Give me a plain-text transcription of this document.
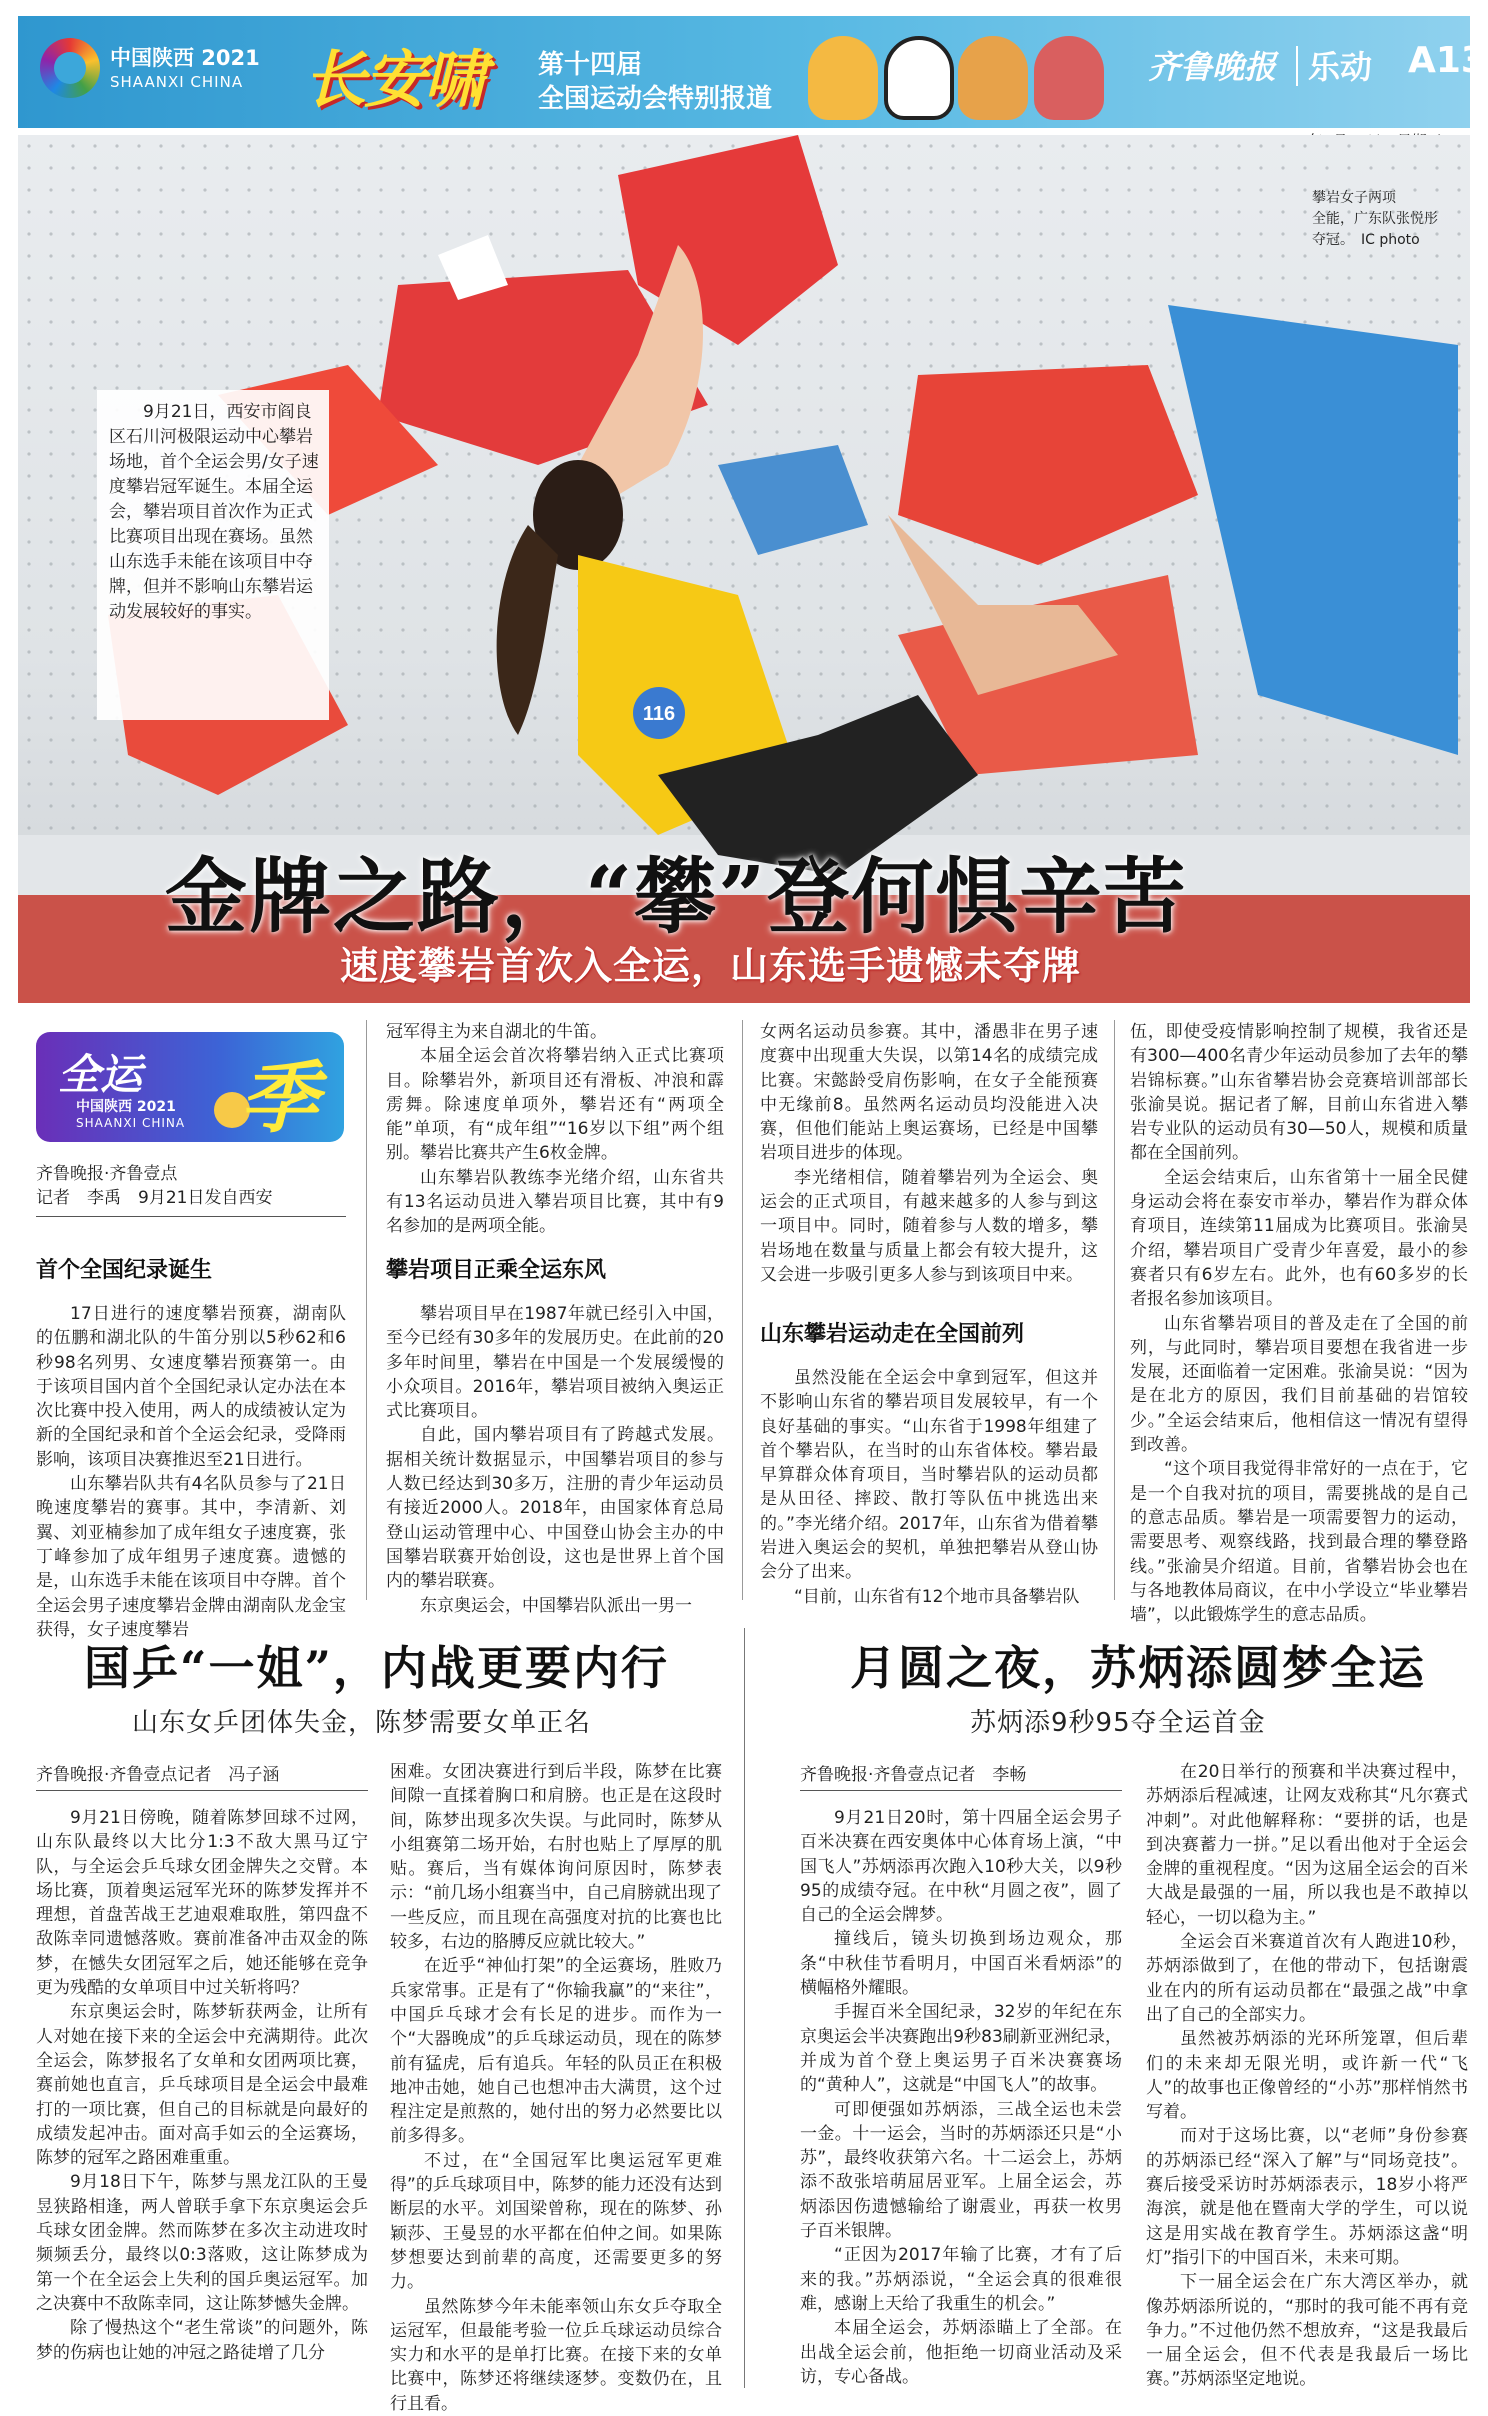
中国陕西 2021
SHAANXI CHINA 长安啸 第十四届
全国运动会特别报道
齐鲁晚报 乐动 A13
116
　　9月21日，西安市阎良区石川河极限运动中心攀岩场地，首个全运会男/女子速度攀岩冠军诞生。本届全运会，攀岩项目首次作为正式比赛项目出现在赛场。虽然山东选手未能在该项目中夺牌，但并不影响山东攀岩运动发展较好的事实。
攀岩女子两项
全能，广东队张悦彤
夺冠。　IC photo
金牌之路，“攀”登何惧辛苦
速度攀岩首次入全运，山东选手遗憾未夺牌
全运 季
中国陕西 2021
SHAANXI CHINA
齐鲁晚报·齐鲁壹点
记者　李禹　9月21日发自西安
首个全国纪录诞生

17日进行的速度攀岩预赛，湖南队的伍鹏和湖北队的牛笛分别以5秒62和6秒98名列男、女速度攀岩预赛第一。由于该项目国内首个全国纪录认定办法在本次比赛中投入使用，两人的成绩被认定为新的全国纪录和首个全运会纪录，受降雨影响，该项目决赛推迟至21日进行。

山东攀岩队共有4名队员参与了21日晚速度攀岩的赛事。其中，李清新、刘翼、刘亚楠参加了成年组女子速度赛，张丁峰参加了成年组男子速度赛。遗憾的是，山东选手未能在该项目中夺牌。首个全运会男子速度攀岩金牌由湖南队龙金宝获得，女子速度攀岩

冠军得主为来自湖北的牛笛。

本届全运会首次将攀岩纳入正式比赛项目。除攀岩外，新项目还有滑板、冲浪和霹雳舞。除速度单项外，攀岩还有“两项全能”单项，有“成年组”“16岁以下组”两个组别。攀岩比赛共产生6枚金牌。

山东攀岩队教练李光绪介绍，山东省共有13名运动员进入攀岩项目比赛，其中有9名参加的是两项全能。

攀岩项目正乘全运东风

攀岩项目早在1987年就已经引入中国，至今已经有30多年的发展历史。在此前的20多年时间里，攀岩在中国是一个发展缓慢的小众项目。2016年，攀岩项目被纳入奥运正式比赛项目。

自此，国内攀岩项目有了跨越式发展。据相关统计数据显示，中国攀岩项目的参与人数已经达到30多万，注册的青少年运动员有接近2000人。2018年，由国家体育总局登山运动管理中心、中国登山协会主办的中国攀岩联赛开始创设，这也是世界上首个国内的攀岩联赛。

东京奥运会，中国攀岩队派出一男一

女两名运动员参赛。其中，潘愚非在男子速度赛中出现重大失误，以第14名的成绩完成比赛。宋懿龄受肩伤影响，在女子全能预赛中无缘前8。虽然两名运动员均没能进入决赛，但他们能站上奥运赛场，已经是中国攀岩项目进步的体现。

李光绪相信，随着攀岩列为全运会、奥运会的正式项目，有越来越多的人参与到这一项目中。同时，随着参与人数的增多，攀岩场地在数量与质量上都会有较大提升，这又会进一步吸引更多人参与到该项目中来。

山东攀岩运动走在全国前列

虽然没能在全运会中拿到冠军，但这并不影响山东省的攀岩项目发展较早，有一个良好基础的事实。“山东省于1998年组建了首个攀岩队，在当时的山东省体校。攀岩最早算群众体育项目，当时攀岩队的运动员都是从田径、摔跤、散打等队伍中挑选出来的。”李光绪介绍。2017年，山东省为借着攀岩进入奥运会的契机，单独把攀岩从登山协会分了出来。

“目前，山东省有12个地市具备攀岩队

伍，即使受疫情影响控制了规模，我省还是有300—400名青少年运动员参加了去年的攀岩锦标赛。”山东省攀岩协会竞赛培训部部长张渝昊说。据记者了解，目前山东省进入攀岩专业队的运动员有30—50人，规模和质量都在全国前列。

全运会结束后，山东省第十一届全民健身运动会将在泰安市举办，攀岩作为群众体育项目，连续第11届成为比赛项目。张渝昊介绍，攀岩项目广受青少年喜爱，最小的参赛者只有6岁左右。此外，也有60多岁的长者报名参加该项目。

山东省攀岩项目的普及走在了全国的前列，与此同时，攀岩项目要想在我省进一步发展，还面临着一定困难。张渝昊说：“因为是在北方的原因，我们目前基础的岩馆较少。”全运会结束后，他相信这一情况有望得到改善。

“这个项目我觉得非常好的一点在于，它是一个自我对抗的项目，需要挑战的是自己的意志品质。攀岩是一项需要智力的运动，需要思考、观察线路，找到最合理的攀登路线。”张渝昊介绍道。目前，省攀岩协会也在与各地教体局商议，在中小学设立“毕业攀岩墙”，以此锻炼学生的意志品质。

国乒“一姐”，内战更要内行
山东女乒团体失金，陈梦需要女单正名
齐鲁晚报·齐鲁壹点记者　冯子涵

9月21日傍晚，随着陈梦回球不过网，山东队最终以大比分1:3不敌大黑马辽宁队，与全运会乒乓球女团金牌失之交臂。本场比赛，顶着奥运冠军光环的陈梦发挥并不理想，首盘苦战王艺迪艰难取胜，第四盘不敌陈幸同遗憾落败。赛前准备冲击双金的陈梦，在憾失女团冠军之后，她还能够在竞争更为残酷的女单项目中过关斩将吗？

东京奥运会时，陈梦斩获两金，让所有人对她在接下来的全运会中充满期待。此次全运会，陈梦报名了女单和女团两项比赛，赛前她也直言，乒乓球项目是全运会中最难打的一项比赛，但自己的目标就是向最好的成绩发起冲击。面对高手如云的全运赛场，陈梦的冠军之路困难重重。

9月18日下午，陈梦与黑龙江队的王曼昱狭路相逢，两人曾联手拿下东京奥运会乒乓球女团金牌。然而陈梦在多次主动进攻时频频丢分，最终以0:3落败，这让陈梦成为第一个在全运会上失利的国乒奥运冠军。加之决赛中不敌陈幸同，这让陈梦憾失金牌。

除了慢热这个“老生常谈”的问题外，陈梦的伤病也让她的冲冠之路徒增了几分

困难。女团决赛进行到后半段，陈梦在比赛间隙一直揉着胸口和肩膀。也正是在这段时间，陈梦出现多次失误。与此同时，陈梦从小组赛第二场开始，右肘也贴上了厚厚的肌贴。赛后，当有媒体询问原因时，陈梦表示：“前几场小组赛当中，自己肩膀就出现了一些反应，而且现在高强度对抗的比赛也比较多，右边的胳膊反应就比较大。”

在近乎“神仙打架”的全运赛场，胜败乃兵家常事。正是有了“你输我赢”的“来往”，中国乒乓球才会有长足的进步。而作为一个“大器晚成”的乒乓球运动员，现在的陈梦前有猛虎，后有追兵。年轻的队员正在积极地冲击她，她自己也想冲击大满贯，这个过程注定是煎熬的，她付出的努力必然要比以前多得多。

不过，在“全国冠军比奥运冠军更难得”的乒乓球项目中，陈梦的能力还没有达到断层的水平。刘国梁曾称，现在的陈梦、孙颖莎、王曼昱的水平都在伯仲之间。如果陈梦想要达到前辈的高度，还需要更多的努力。

虽然陈梦今年未能率领山东女乒夺取全运冠军，但最能考验一位乒乓球运动员综合实力和水平的是单打比赛。在接下来的女单比赛中，陈梦还将继续逐梦。变数仍在，且行且看。

月圆之夜，苏炳添圆梦全运
苏炳添9秒95夺全运首金
齐鲁晚报·齐鲁壹点记者　李畅

9月21日20时，第十四届全运会男子百米决赛在西安奥体中心体育场上演，“中国飞人”苏炳添再次跑入10秒大关，以9秒95的成绩夺冠。在中秋“月圆之夜”，圆了自己的全运会牌梦。

撞线后，镜头切换到场边观众，那条“中秋佳节看明月，中国百米看炳添”的横幅格外耀眼。

手握百米全国纪录，32岁的年纪在东京奥运会半决赛跑出9秒83刷新亚洲纪录，并成为首个登上奥运男子百米决赛赛场的“黄种人”，这就是“中国飞人”的故事。

可即便强如苏炳添，三战全运也未尝一金。十一运会，当时的苏炳添还只是“小苏”，最终收获第六名。十二运会上，苏炳添不敌张培萌屈居亚军。上届全运会，苏炳添因伤遗憾输给了谢震业，再获一枚男子百米银牌。

“正因为2017年输了比赛，才有了后来的我。”苏炳添说，“全运会真的很难很难，感谢上天给了我重生的机会。”

本届全运会，苏炳添瞄上了全部。在出战全运会前，他拒绝一切商业活动及采访，专心备战。

在20日举行的预赛和半决赛过程中，苏炳添后程减速，让网友戏称其“凡尔赛式冲刺”。对此他解释称：“要拼的话，也是到决赛蓄力一拼。”足以看出他对于全运会金牌的重视程度。“因为这届全运会的百米大战是最强的一届，所以我也是不敢掉以轻心，一切以稳为主。”

全运会百米赛道首次有人跑进10秒，苏炳添做到了，在他的带动下，包括谢震业在内的所有运动员都在“最强之战”中拿出了自己的全部实力。

虽然被苏炳添的光环所笼罩，但后辈们的未来却无限光明，或许新一代“飞人”的故事也正像曾经的“小苏”那样悄然书写着。

而对于这场比赛，以“老师”身份参赛的苏炳添已经“深入了解”与“同场竞技”。赛后接受采访时苏炳添表示，18岁小将严海滨，就是他在暨南大学的学生，可以说这是用实战在教育学生。苏炳添这盏“明灯”指引下的中国百米，未来可期。

下一届全运会在广东大湾区举办，就像苏炳添所说的，“那时的我可能不再有竞争力。”不过他仍然不想放弃，“这是我最后一届全运会，但不代表是我最后一场比赛。”苏炳添坚定地说。
